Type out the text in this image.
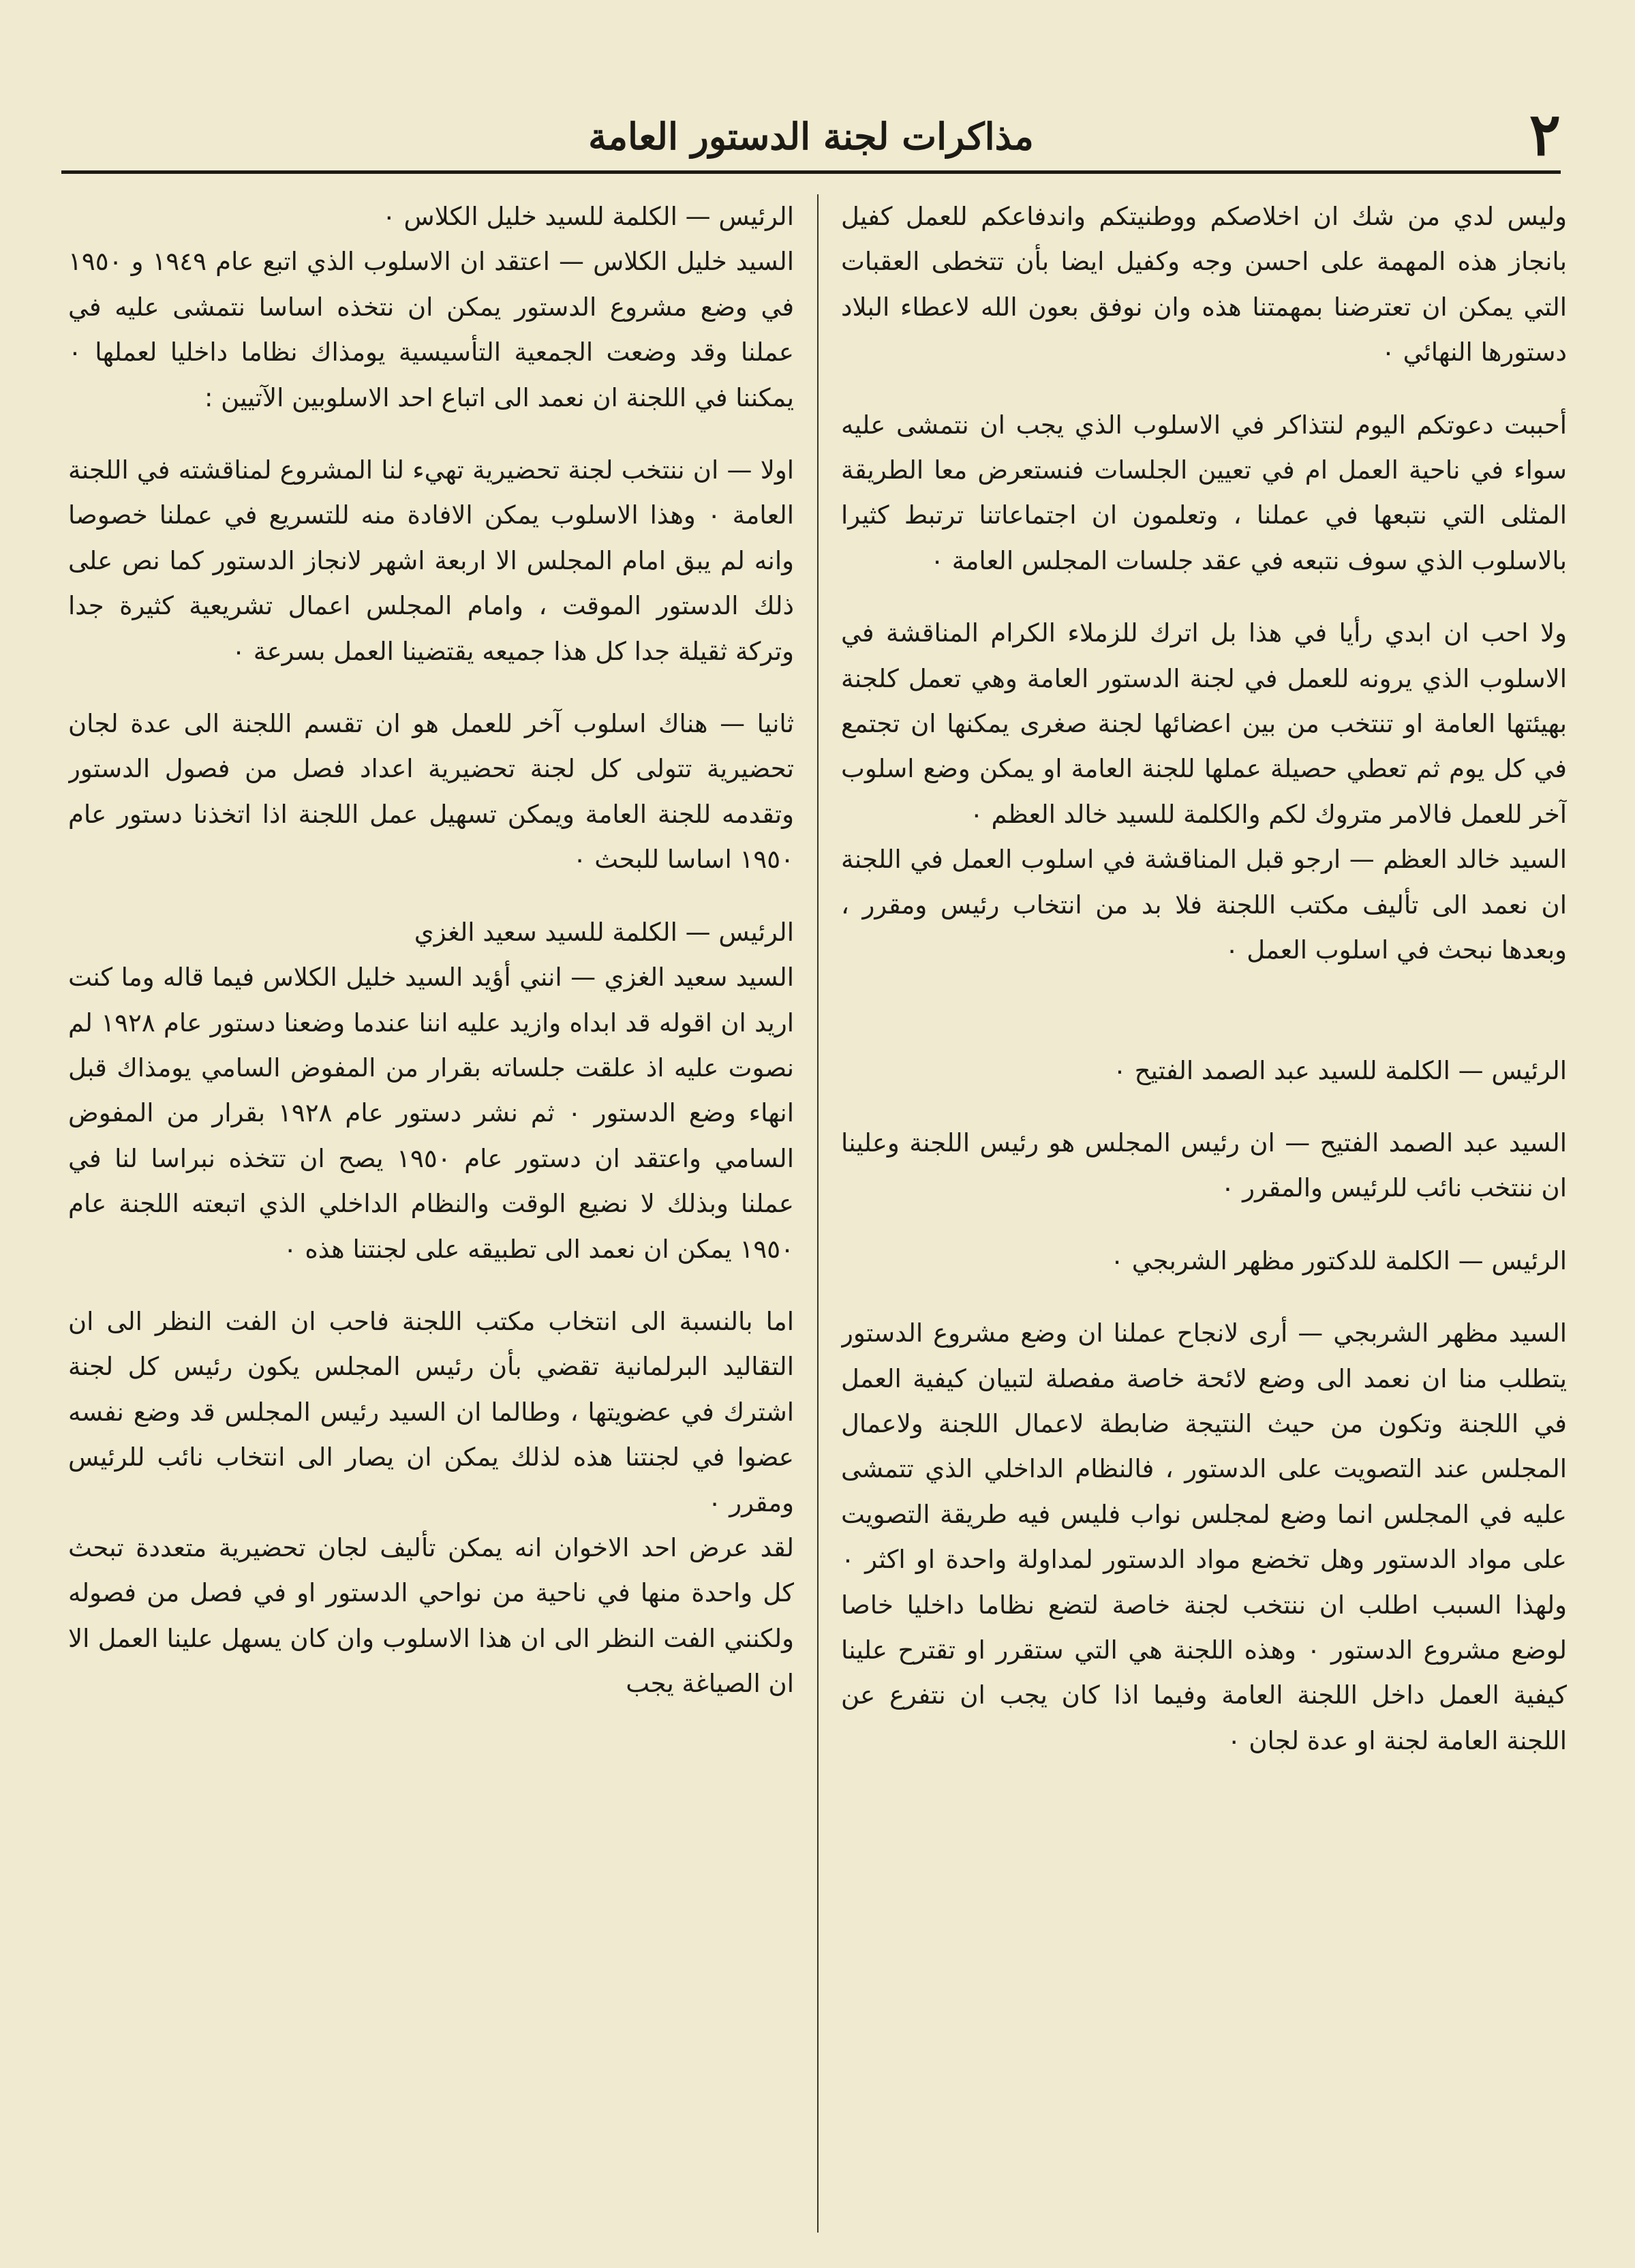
٢
مذاكرات لجنة الدستور العامة

وليس لدي من شك ان اخلاصكم ووطنيتكم واندفاعكم للعمل كفيل بانجاز هذه المهمة على احسن وجه وكفيل ايضا بأن تتخطى العقبات التي يمكن ان تعترضنا بمهمتنا هذه وان نوفق بعون الله لاعطاء البلاد دستورها النهائي ٠

أحببت دعوتكم اليوم لنتذاكر في الاسلوب الذي يجب ان نتمشى عليه سواء في ناحية العمل ام في تعيين الجلسات فنستعرض معا الطريقة المثلى التي نتبعها في عملنا ، وتعلمون ان اجتماعاتنا ترتبط كثيرا بالاسلوب الذي سوف نتبعه في عقد جلسات المجلس العامة ٠

ولا احب ان ابدي رأيا في هذا بل اترك للزملاء الكرام المناقشة في الاسلوب الذي يرونه للعمل في لجنة الدستور العامة وهي تعمل كلجنة بهيئتها العامة او تنتخب من بين اعضائها لجنة صغرى يمكنها ان تجتمع في كل يوم ثم تعطي حصيلة عملها للجنة العامة او يمكن وضع اسلوب آخر للعمل فالامر متروك لكم والكلمة للسيد خالد العظم ٠

السيد خالد العظم — ارجو قبل المناقشة في اسلوب العمل في اللجنة ان نعمد الى تأليف مكتب اللجنة فلا بد من انتخاب رئيس ومقرر ، وبعدها نبحث في اسلوب العمل ٠

الرئيس — الكلمة للسيد عبد الصمد الفتيح ٠

السيد عبد الصمد الفتيح — ان رئيس المجلس هو رئيس اللجنة وعلينا ان ننتخب نائب للرئيس والمقرر ٠

الرئيس — الكلمة للدكتور مظهر الشربجي ٠

السيد مظهر الشربجي — أرى لانجاح عملنا ان وضع مشروع الدستور يتطلب منا ان نعمد الى وضع لائحة خاصة مفصلة لتبيان كيفية العمل في اللجنة وتكون من حيث النتيجة ضابطة لاعمال اللجنة ولاعمال المجلس عند التصويت على الدستور ، فالنظام الداخلي الذي تتمشى عليه في المجلس انما وضع لمجلس نواب فليس فيه طريقة التصويت على مواد الدستور وهل تخضع مواد الدستور لمداولة واحدة او اكثر ٠ ولهذا السبب اطلب ان ننتخب لجنة خاصة لتضع نظاما داخليا خاصا لوضع مشروع الدستور ٠ وهذه اللجنة هي التي ستقرر او تقترح علينا كيفية العمل داخل اللجنة العامة وفيما اذا كان يجب ان نتفرع عن اللجنة العامة لجنة او عدة لجان ٠

الرئيس — الكلمة للسيد خليل الكلاس ٠

السيد خليل الكلاس — اعتقد ان الاسلوب الذي اتبع عام ١٩٤٩ و ١٩٥٠ في وضع مشروع الدستور يمكن ان نتخذه اساسا نتمشى عليه في عملنا وقد وضعت الجمعية التأسيسية يومذاك نظاما داخليا لعملها ٠ يمكننا في اللجنة ان نعمد الى اتباع احد الاسلوبين الآتيين :

اولا — ان ننتخب لجنة تحضيرية تهيء لنا المشروع لمناقشته في اللجنة العامة ٠ وهذا الاسلوب يمكن الافادة منه للتسريع في عملنا خصوصا وانه لم يبق امام المجلس الا اربعة اشهر لانجاز الدستور كما نص على ذلك الدستور الموقت ، وامام المجلس اعمال تشريعية كثيرة جدا وتركة ثقيلة جدا كل هذا جميعه يقتضينا العمل بسرعة ٠

ثانيا — هناك اسلوب آخر للعمل هو ان تقسم اللجنة الى عدة لجان تحضيرية تتولى كل لجنة تحضيرية اعداد فصل من فصول الدستور وتقدمه للجنة العامة ويمكن تسهيل عمل اللجنة اذا اتخذنا دستور عام ١٩٥٠ اساسا للبحث ٠

الرئيس — الكلمة للسيد سعيد الغزي

السيد سعيد الغزي — انني أؤيد السيد خليل الكلاس فيما قاله وما كنت اريد ان اقوله قد ابداه وازيد عليه اننا عندما وضعنا دستور عام ١٩٢٨ لم نصوت عليه اذ علقت جلساته بقرار من المفوض السامي يومذاك قبل انهاء وضع الدستور ٠ ثم نشر دستور عام ١٩٢٨ بقرار من المفوض السامي واعتقد ان دستور عام ١٩٥٠ يصح ان تتخذه نبراسا لنا في عملنا وبذلك لا نضيع الوقت والنظام الداخلي الذي اتبعته اللجنة عام ١٩٥٠ يمكن ان نعمد الى تطبيقه على لجنتنا هذه ٠

اما بالنسبة الى انتخاب مكتب اللجنة فاحب ان الفت النظر الى ان التقاليد البرلمانية تقضي بأن رئيس المجلس يكون رئيس كل لجنة اشترك في عضويتها ، وطالما ان السيد رئيس المجلس قد وضع نفسه عضوا في لجنتنا هذه لذلك يمكن ان يصار الى انتخاب نائب للرئيس ومقرر ٠

لقد عرض احد الاخوان انه يمكن تأليف لجان تحضيرية متعددة تبحث كل واحدة منها في ناحية من نواحي الدستور او في فصل من فصوله ولكنني الفت النظر الى ان هذا الاسلوب وان كان يسهل علينا العمل الا ان الصياغة يجب
